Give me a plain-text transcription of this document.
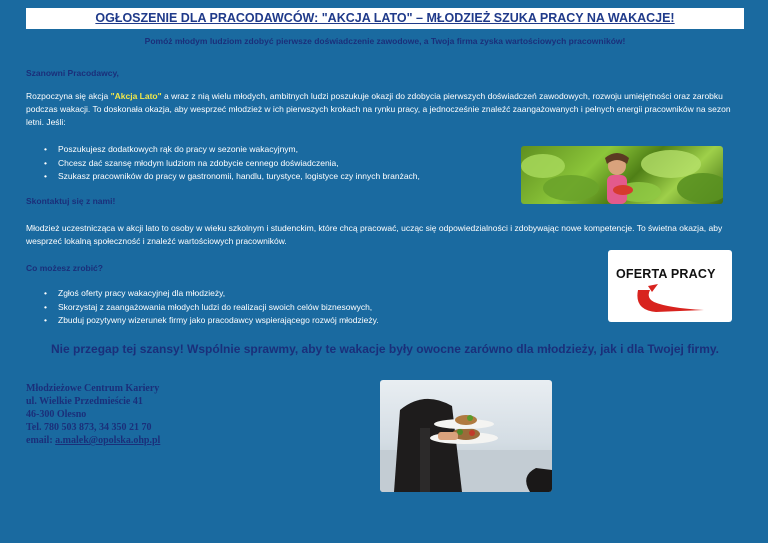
OGŁOSZENIE DLA PRACODAWCÓW: "AKCJA LATO" – MŁODZIEŻ SZUKA PRACY NA WAKACJE!
Pomóż młodym ludziom zdobyć pierwsze doświadczenie zawodowe, a Twoja firma zyska wartościowych pracowników!
Szanowni Pracodawcy,
Rozpoczyna się akcja "Akcja Lato" a wraz z nią wielu młodych, ambitnych ludzi poszukuje okazji do zdobycia pierwszych doświadczeń zawodowych, rozwoju umiejętności oraz zarobku podczas wakacji. To doskonała okazja, aby wesprzeć młodzież w ich pierwszych krokach na rynku pracy, a jednocześnie znaleźć zaangażowanych i pełnych energii pracowników na sezon letni. Jeśli:
• Poszukujesz dodatkowych rąk do pracy w sezonie wakacyjnym,
• Chcesz dać szansę młodym ludziom na zdobycie cennego doświadczenia,
• Szukasz pracowników do pracy w gastronomii, handlu, turystyce, logistyce czy innych branżach,
Skontaktuj się z nami!
Młodzież uczestnicząca w akcji lato to osoby w wieku szkolnym i studenckim, które chcą pracować, ucząc się odpowiedzialności i zdobywając nowe kompetencje. To świetna okazja, aby wesprzeć lokalną społeczność i znaleźć wartościowych pracowników.
Co możesz zrobić?
• Zgłoś oferty pracy wakacyjnej dla młodzieży,
• Skorzystaj z zaangażowania młodych ludzi do realizacji swoich celów biznesowych,
• Zbuduj pozytywny wizerunek firmy jako pracodawcy wspierającego rozwój młodzieży.
Nie przegap tej szansy! Wspólnie sprawmy, aby te wakacje były owocne zarówno dla młodzieży, jak i dla Twojej firmy.
Młodzieżowe Centrum Kariery
ul. Wielkie Przedmieście 41
46-300 Olesno
Tel. 780 503 873, 34 350 21 70
email: a.malek@opolska.ohp.pl
OFERTA PRACY
